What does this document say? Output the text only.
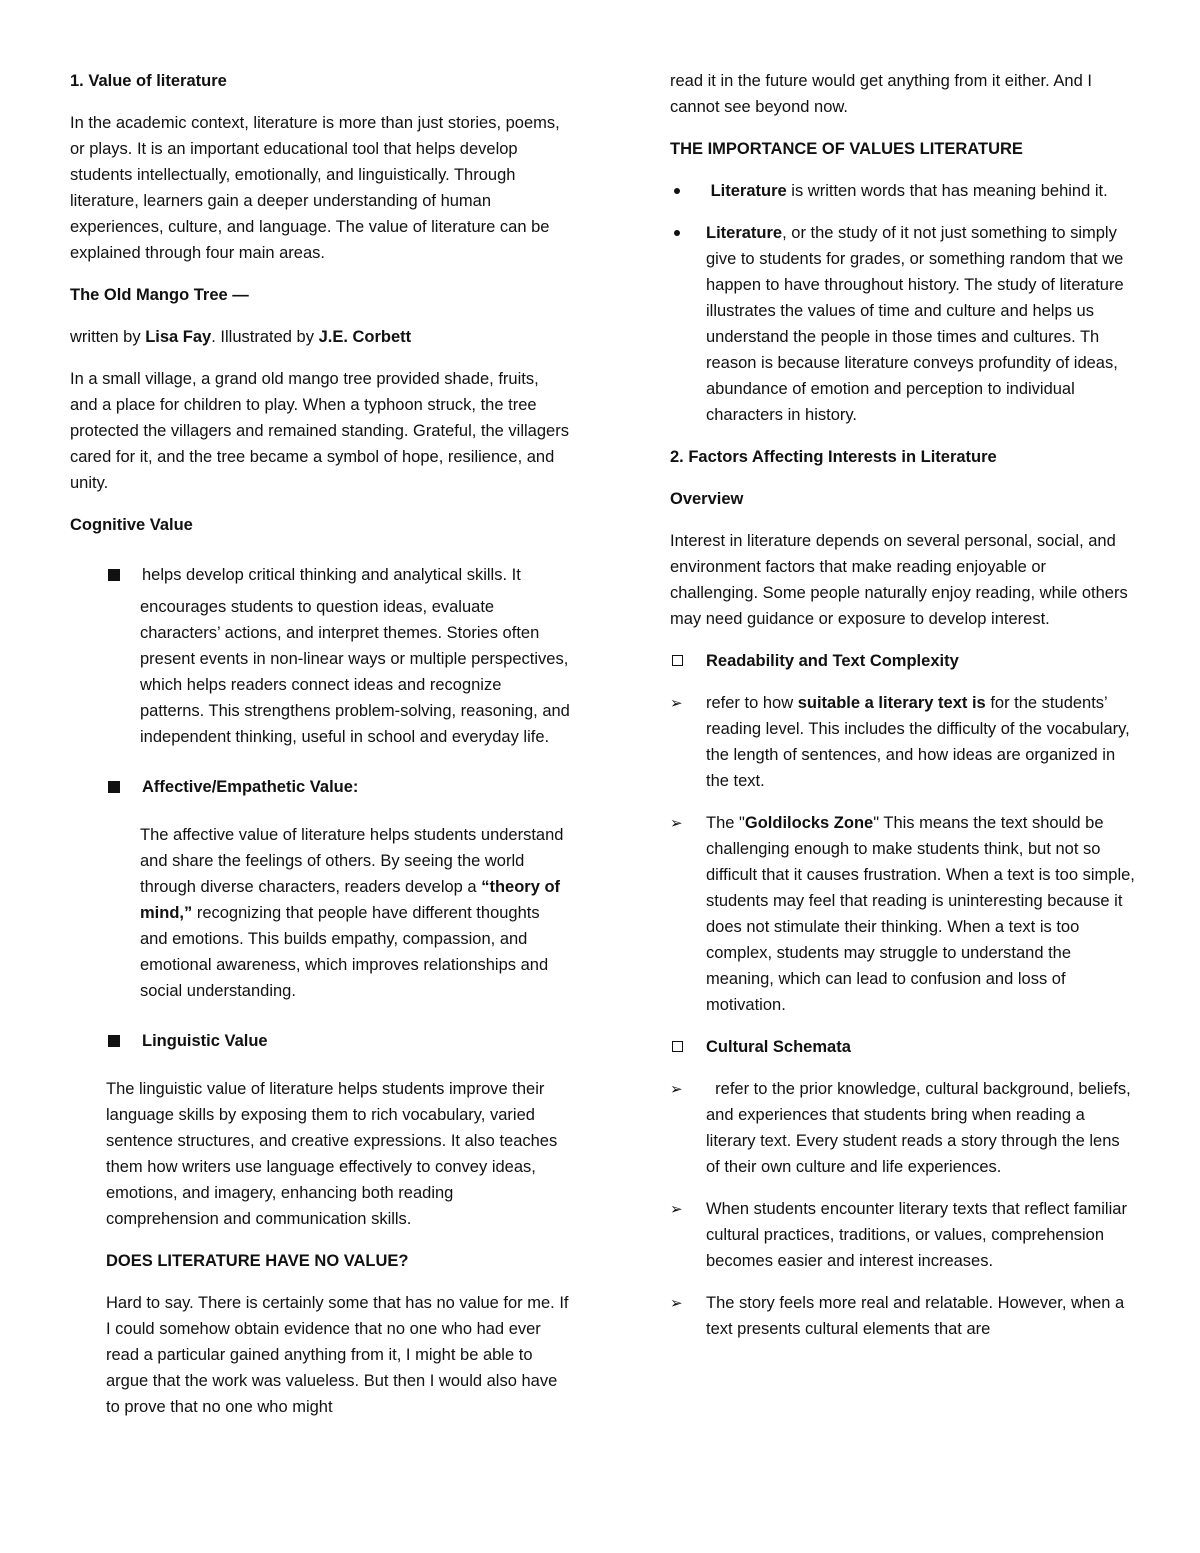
1. Value of literature

In the academic context, literature is more than just stories, poems, or plays. It is an important educational tool that helps develop students intellectually, emotionally, and linguistically. Through literature, learners gain a deeper understanding of human experiences, culture, and language. The value of literature can be explained through four main areas.

The Old Mango Tree —

written by Lisa Fay. Illustrated by J.E. Corbett

In a small village, a grand old mango tree provided shade, fruits, and a place for children to play. When a typhoon struck, the tree protected the villagers and remained standing. Grateful, the villagers cared for it, and the tree became a symbol of hope, resilience, and unity.

Cognitive Value

helps develop critical thinking and analytical skills. It

encourages students to question ideas, evaluate characters’ actions, and interpret themes. Stories often present events in non-linear ways or multiple perspectives, which helps readers connect ideas and recognize patterns. This strengthens problem-solving, reasoning, and independent thinking, useful in school and everyday life.

Affective/Empathetic Value:

The affective value of literature helps students understand and share the feelings of others. By seeing the world through diverse characters, readers develop a “theory of mind,” recognizing that people have different thoughts and emotions. This builds empathy, compassion, and emotional awareness, which improves relationships and social understanding.

Linguistic Value

The linguistic value of literature helps students improve their language skills by exposing them to rich vocabulary, varied sentence structures, and creative expressions. It also teaches them how writers use language effectively to convey ideas, emotions, and imagery, enhancing both reading comprehension and communication skills.

DOES LITERATURE HAVE NO VALUE?

Hard to say. There is certainly some that has no value for me. If I could somehow obtain evidence that no one who had ever read a particular gained anything from it, I might be able to argue that the work was valueless. But then I would also have to prove that no one who might

read it in the future would get anything from it either. And I cannot see beyond now.

THE IMPORTANCE OF VALUES LITERATURE

Literature is written words that has meaning behind it.

Literature, or the study of it not just something to simply give to students for grades, or something random that we happen to have throughout history. The study of literature illustrates the values of time and culture and helps us understand the people in those times and cultures. Th reason is because literature conveys profundity of ideas, abundance of emotion and perception to individual characters in history.

2. Factors Affecting Interests in Literature

Overview

Interest in literature depends on several personal, social, and environment factors that make reading enjoyable or challenging. Some people naturally enjoy reading, while others may need guidance or exposure to develop interest.

Readability and Text Complexity

➢ refer to how suitable a literary text is for the students’ reading level. This includes the difficulty of the vocabulary, the length of sentences, and how ideas are organized in the text.

➢ The "Goldilocks Zone" This means the text should be challenging enough to make students think, but not so difficult that it causes frustration. When a text is too simple, students may feel that reading is uninteresting because it does not stimulate their thinking. When a text is too complex, students may struggle to understand the meaning, which can lead to confusion and loss of motivation.

Cultural Schemata

➢ refer to the prior knowledge, cultural background, beliefs, and experiences that students bring when reading a literary text. Every student reads a story through the lens of their own culture and life experiences.

➢ When students encounter literary texts that reflect familiar cultural practices, traditions, or values, comprehension becomes easier and interest increases.

➢ The story feels more real and relatable. However, when a text presents cultural elements that are
